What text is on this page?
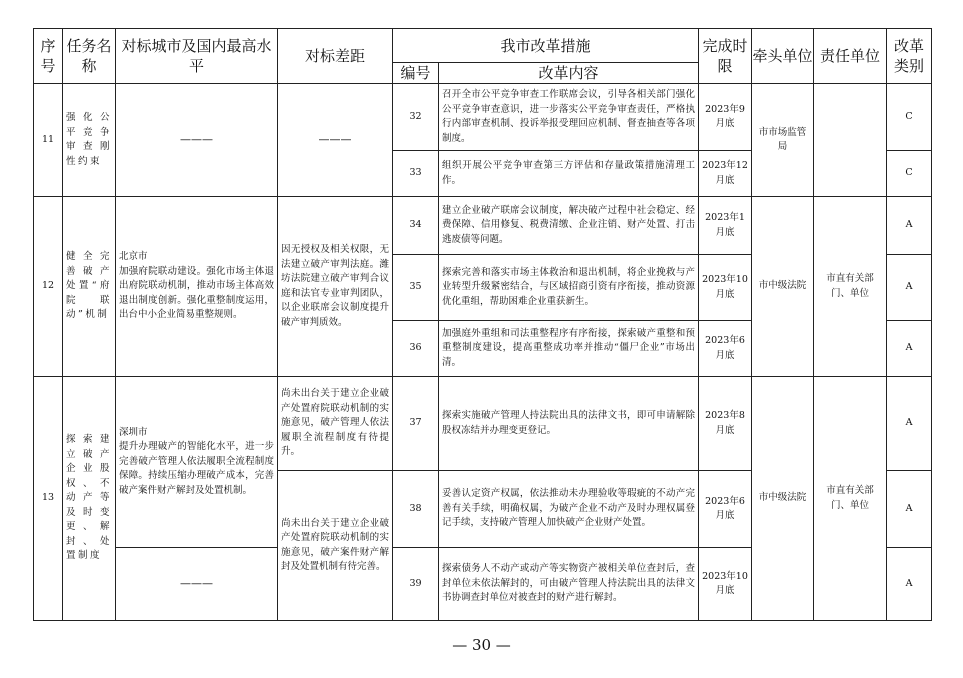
序号	任务名称	对标城市及国内最高水平	对标差距	我市改革措施		完成时限	牵头单位	责任单位	改革类别
				编号	改革内容				
11	强化公平竞争审查刚性约束	———	———	32	召开全市公平竞争审查工作联席会议，引导各相关部门强化公平竞争审查意识，进一步落实公平竞争审查责任，严格执行内部审查机制、投诉举报受理回应机制、督查抽查等各项制度。	2023年9月底	市市场监管局		C
				33	组织开展公平竞争审查第三方评估和存量政策措施清理工作。	2023年12月底			C
12	健全完善破产处置“府院联动”机制	北京市
加强府院联动建设。强化市场主体退出府院联动机制，推动市场主体高效退出制度创新。强化重整制度运用，出台中小企业简易重整规则。	因无授权及相关权限，无法建立破产审判法庭。潍坊法院建立破产审判合议庭和法官专业审判团队，以企业联席会议制度提升破产审判质效。	34	建立企业破产联席会议制度，解决破产过程中社会稳定、经费保障、信用修复、税费清缴、企业注销、财产处置、打击逃废债等问题。	2023年1月底	市中级法院	市直有关部门、单位	A
				35	探索完善和落实市场主体救治和退出机制，将企业挽救与产业转型升级紧密结合，与区域招商引资有序衔接，推动资源优化重组，帮助困难企业重获新生。	2023年10月底			A
				36	加强庭外重组和司法重整程序有序衔接，探索破产重整和预重整制度建设，提高重整成功率并推动“僵尸企业”市场出清。	2023年6月底			A
13	探索建立破产企业股权、不动产等及时变更、解封、处置制度	深圳市
提升办理破产的智能化水平，进一步完善破产管理人依法履职全流程制度保障。持续压缩办理破产成本，完善破产案件财产解封及处置机制。	尚未出台关于建立企业破产处置府院联动机制的实施意见，破产管理人依法履职全流程制度有待提升。	37	探索实施破产管理人持法院出具的法律文书，即可申请解除股权冻结并办理变更登记。	2023年8月底	市中级法院	市直有关部门、单位	A
			尚未出台关于建立企业破产处置府院联动机制的实施意见，破产案件财产解封及处置机制有待完善。	38	妥善认定资产权属，依法推动未办理验收等瑕疵的不动产完善有关手续，明确权属，为破产企业不动产及时办理权属登记手续，支持破产管理人加快破产企业财产处置。	2023年6月底			A
		———		39	探索债务人不动产或动产等实物资产被相关单位查封后，查封单位未依法解封的，可由破产管理人持法院出具的法律文书协调查封单位对被查封的财产进行解封。	2023年10月底			A
— 30 —
